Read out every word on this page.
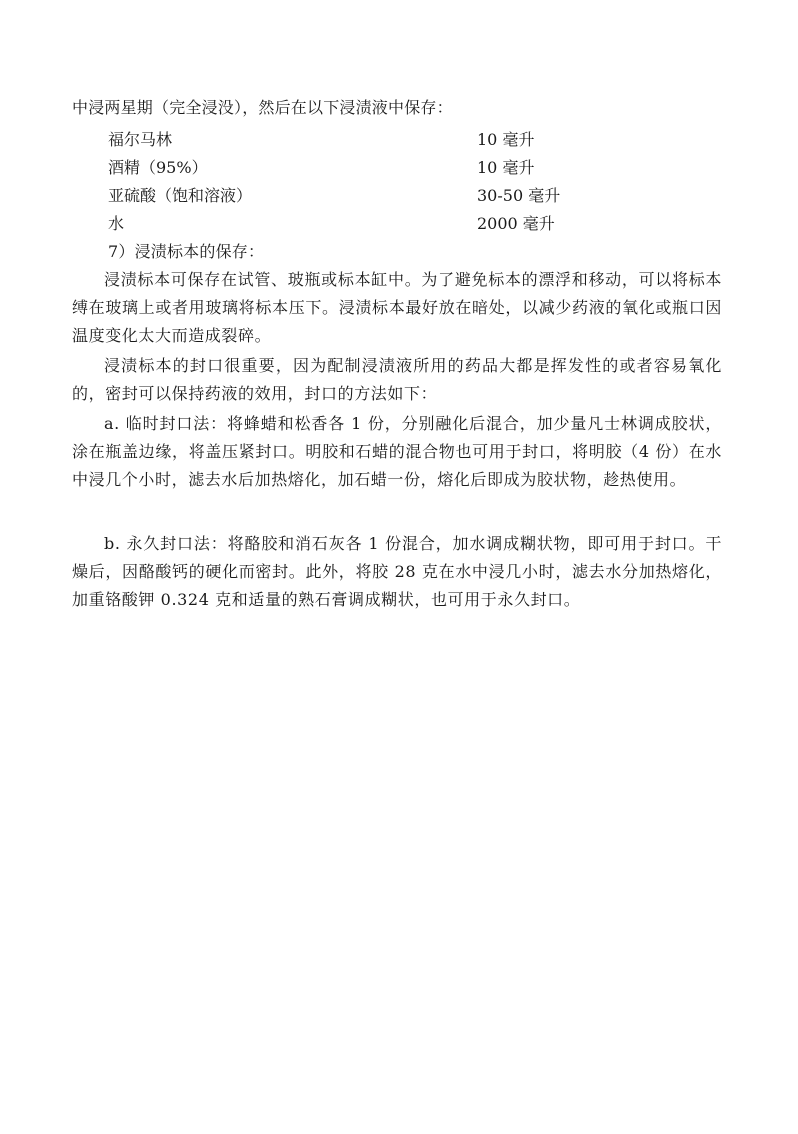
中浸两星期（完全浸没），然后在以下浸渍液中保存：
福尔马林	10 毫升
酒精（95%）	10 毫升
亚硫酸（饱和溶液）	30-50 毫升
水	2000 毫升
7）浸渍标本的保存：
浸渍标本可保存在试管、玻瓶或标本缸中。为了避免标本的漂浮和移动，可以将标本缚在玻璃上或者用玻璃将标本压下。浸渍标本最好放在暗处，以减少药液的氧化或瓶口因温度变化太大而造成裂碎。
浸渍标本的封口很重要，因为配制浸渍液所用的药品大都是挥发性的或者容易氧化的，密封可以保持药液的效用，封口的方法如下：
a. 临时封口法：将蜂蜡和松香各 1 份，分别融化后混合，加少量凡士林调成胶状，涂在瓶盖边缘，将盖压紧封口。明胶和石蜡的混合物也可用于封口，将明胶（4 份）在水中浸几个小时，滤去水后加热熔化，加石蜡一份，熔化后即成为胶状物，趁热使用。
b. 永久封口法：将酪胶和消石灰各 1 份混合，加水调成糊状物，即可用于封口。干燥后，因酪酸钙的硬化而密封。此外，将胶 28 克在水中浸几小时，滤去水分加热熔化，加重铬酸钾 0.324 克和适量的熟石膏调成糊状，也可用于永久封口。
